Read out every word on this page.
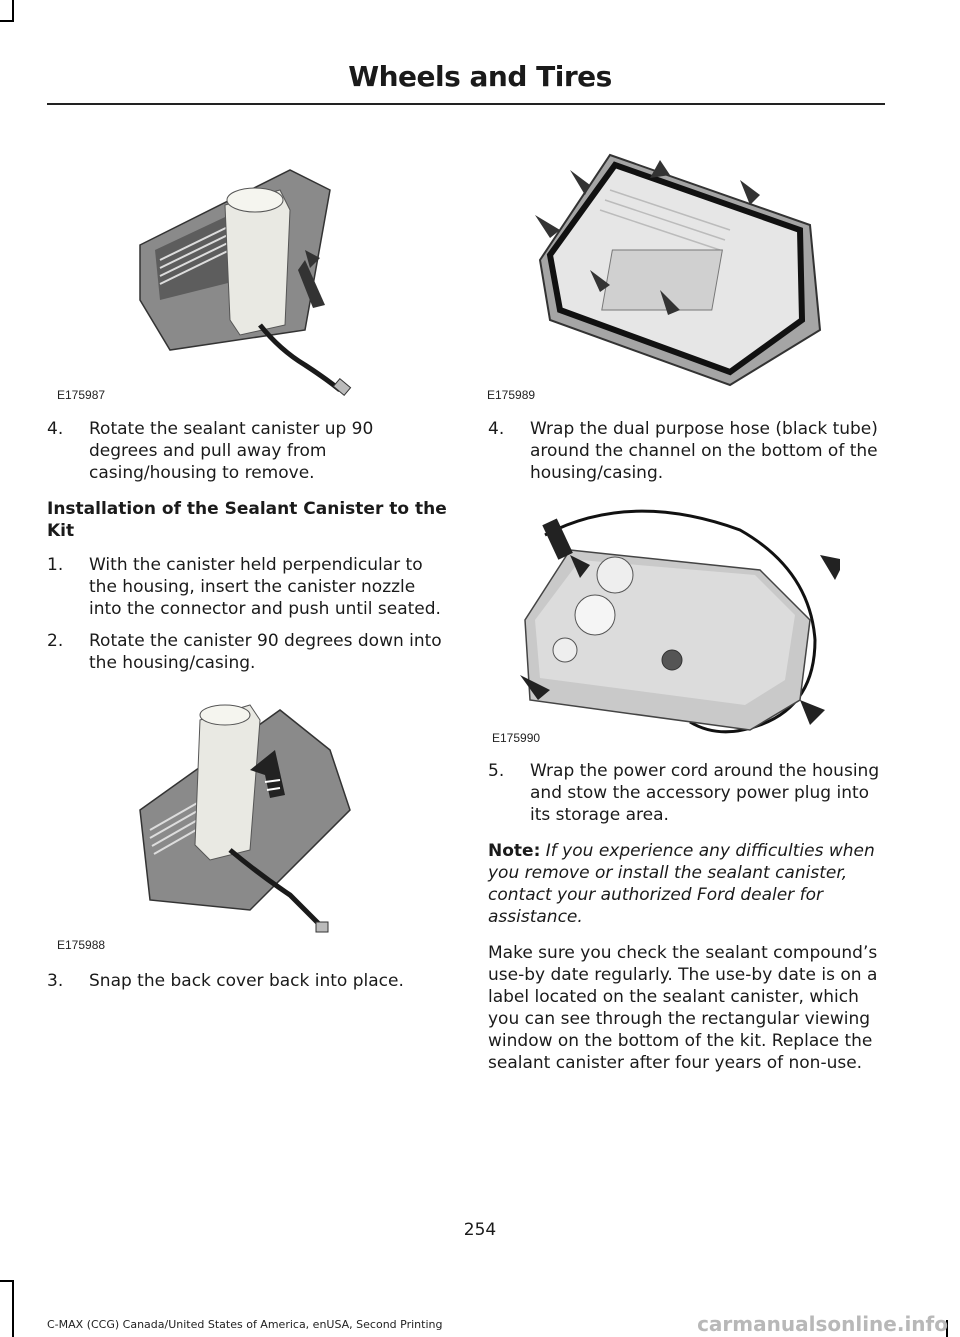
Wheels and Tires
E175987
E175988
E175989
E175990
4. Rotate the sealant canister up 90 degrees and pull away from casing/housing to remove.
Installation of the Sealant Canister to the Kit
1. With the canister held perpendicular to the housing, insert the canister nozzle into the connector and push until seated.
2. Rotate the canister 90 degrees down into the housing/casing.
3. Snap the back cover back into place.
4. Wrap the dual purpose hose (black tube) around the channel on the bottom of the housing/casing.
5. Wrap the power cord around the housing and stow the accessory power plug into its storage area.
Note: If you experience any difficulties when you remove or install the sealant canister, contact your authorized Ford dealer for assistance.
Make sure you check the sealant compound’s use-by date regularly. The use-by date is on a label located on the sealant canister, which you can see through the rectangular viewing window on the bottom of the kit. Replace the sealant canister after four years of non-use.
254
C-MAX (CCG) Canada/United States of America, enUSA, Second Printing	carmanualsonline.info
